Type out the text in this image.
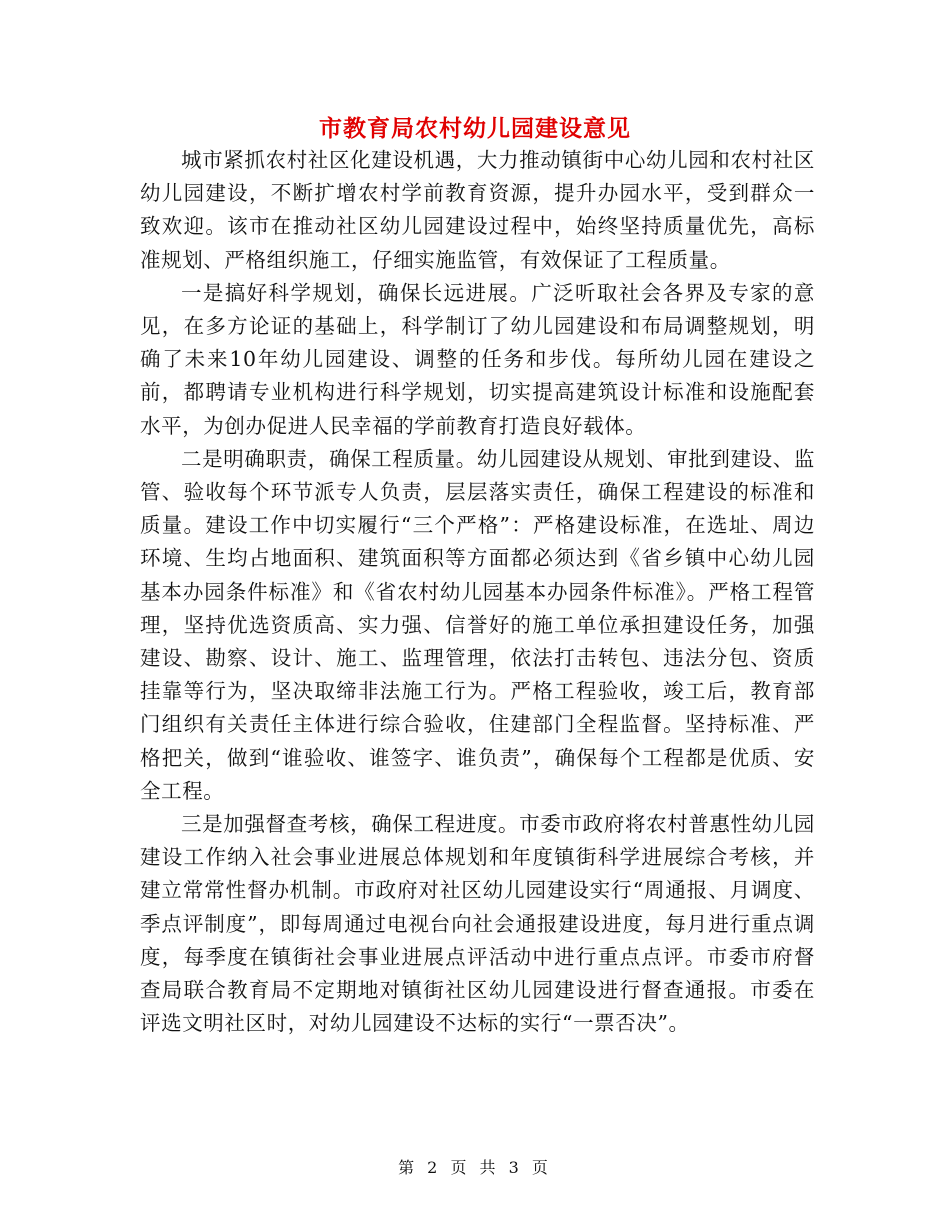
市教育局农村幼儿园建设意见

城市紧抓农村社区化建设机遇，大力推动镇街中心幼儿园和农村社区幼儿园建设，不断扩增农村学前教育资源，提升办园水平，受到群众一致欢迎。该市在推动社区幼儿园建设过程中，始终坚持质量优先，高标准规划、严格组织施工，仔细实施监管，有效保证了工程质量。

一是搞好科学规划，确保长远进展。广泛听取社会各界及专家的意见，在多方论证的基础上，科学制订了幼儿园建设和布局调整规划，明确了未来10年幼儿园建设、调整的任务和步伐。每所幼儿园在建设之前，都聘请专业机构进行科学规划，切实提高建筑设计标准和设施配套水平，为创办促进人民幸福的学前教育打造良好载体。

二是明确职责，确保工程质量。幼儿园建设从规划、审批到建设、监管、验收每个环节派专人负责，层层落实责任，确保工程建设的标准和质量。建设工作中切实履行“三个严格”：严格建设标准，在选址、周边环境、生均占地面积、建筑面积等方面都必须达到《省乡镇中心幼儿园基本办园条件标准》和《省农村幼儿园基本办园条件标准》。严格工程管理，坚持优选资质高、实力强、信誉好的施工单位承担建设任务，加强建设、勘察、设计、施工、监理管理，依法打击转包、违法分包、资质挂靠等行为，坚决取缔非法施工行为。严格工程验收，竣工后，教育部门组织有关责任主体进行综合验收，住建部门全程监督。坚持标准、严格把关，做到“谁验收、谁签字、谁负责”，确保每个工程都是优质、安全工程。

三是加强督查考核，确保工程进度。市委市政府将农村普惠性幼儿园建设工作纳入社会事业进展总体规划和年度镇街科学进展综合考核，并建立常常性督办机制。市政府对社区幼儿园建设实行“周通报、月调度、季点评制度”，即每周通过电视台向社会通报建设进度，每月进行重点调度，每季度在镇街社会事业进展点评活动中进行重点点评。市委市府督查局联合教育局不定期地对镇街社区幼儿园建设进行督查通报。市委在评选文明社区时，对幼儿园建设不达标的实行“一票否决”。

第 2 页 共 3 页
